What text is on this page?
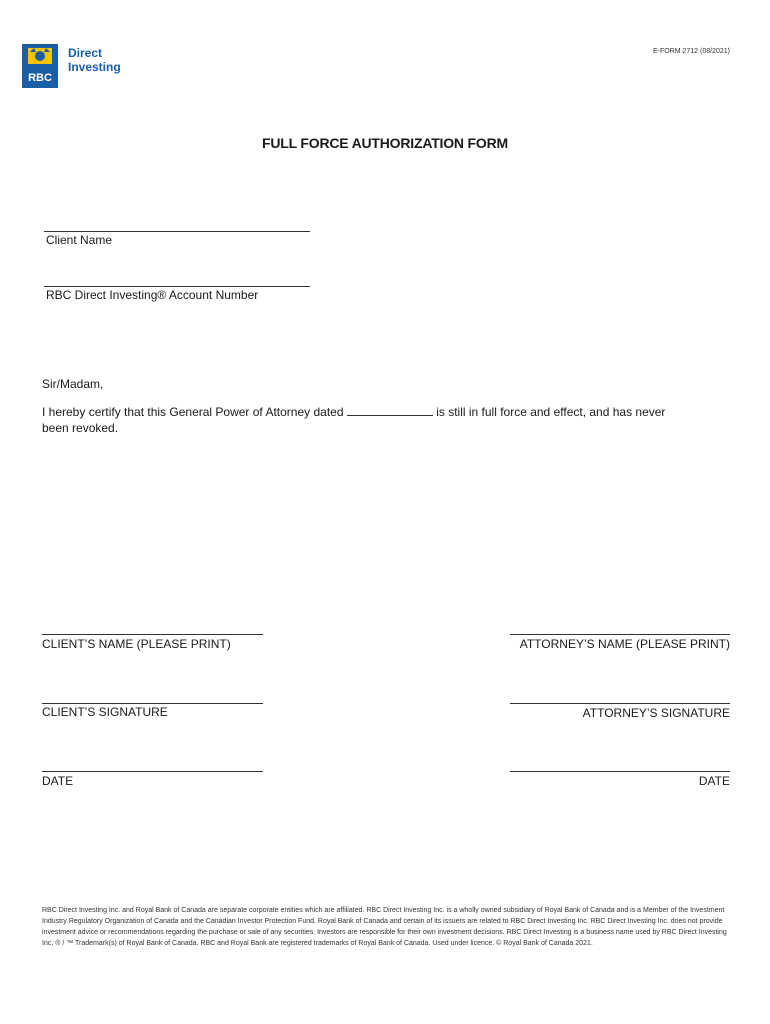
RBC
®
Direct
Investing
E-FORM 2712 (08/2021)
FULL FORCE AUTHORIZATION FORM
Client Name
RBC Direct Investing® Account Number
Sir/Madam,
I hereby certify that this General Power of Attorney dated	is still in full force and effect, and has never
been revoked.
CLIENT’S NAME (PLEASE PRINT)
CLIENT’S SIGNATURE
DATE
ATTORNEY’S NAME (PLEASE PRINT)
ATTORNEY’S SIGNATURE
DATE
RBC Direct Investing Inc. and Royal Bank of Canada are separate corporate entities which are affiliated. RBC Direct Investing Inc. is a wholly owned subsidiary of Royal Bank of Canada and is a Member of the Investment Industry Regulatory Organization of Canada and the Canadian Investor Protection Fund. Royal Bank of Canada and certain of its issuers are related to RBC Direct Investing Inc. RBC Direct Investing Inc. does not provide investment advice or recommendations regarding the purchase or sale of any securities. Investors are responsible for their own investment decisions. RBC Direct Investing is a business name used by RBC Direct Investing Inc. ® / ™ Trademark(s) of Royal Bank of Canada. RBC and Royal Bank are registered trademarks of Royal Bank of Canada. Used under licence. © Royal Bank of Canada 2021.
